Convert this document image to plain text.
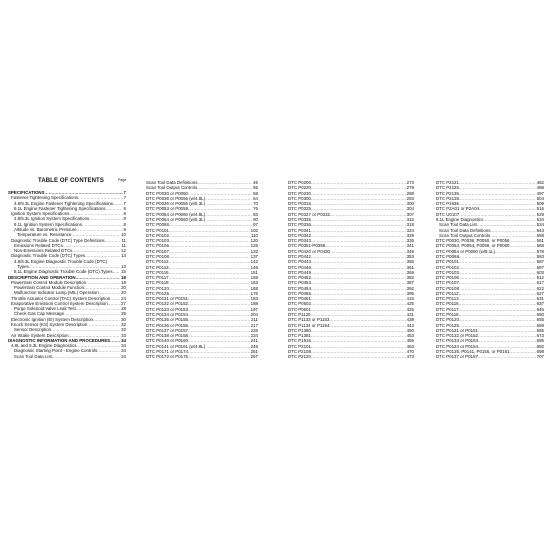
TABLE OF CONTENTS	Page
SPECIFICATIONS .....	7
Fastener Tightening Specifications .....	7
4.8/5.3L Engine Fastener Tightening Specifications ..... 7
8.1L Engine Fastener Tightening Specifications .....	8
Ignition System Specifications .....	8
4.8/5.3L Ignition System Specifications .....	8
8.1L Ignition System Specifications .....	8
Altitude vs. Barometric Pressure .....	9
Temperature vs. Resistance .....	10
Diagnostic Trouble Code (DTC) Type Definitions .....	11
Emissions Related DTCs .....	11
Non-Emissions Related DTCs .....	12
Diagnostic Trouble Code (DTC) Types .....	13
4.8/5.3L Engine Diagnostic Trouble Code (DTC)
Types .....	13
8.1L Engine Diagnostic Trouble Code (DTC) Types ..... 15
DESCRIPTION AND OPERATION .....	18
Powertrain Control Module Description .....	18
Powertrain Control Module Function .....	20
Malfunction Indicator Lamp (MIL) Operation .....	20
Throttle Actuator Control (TAC) System Description ..... 24
Evaporative Emission Control System Description .....	27
Purge Solenoid Valve Leak Test .....	28
Check Gas Cap Message .....	29
Electronic Ignition (EI) System Description .....	30
Knock Sensor (KS) System Description .....	32
Sensor Description .....	32
Air Intake System Description .....	33
DIAGNOSTIC INFORMATION AND PROCEDURES ..... 34
4.8L and 5.3L Engine Diagnostics .....	34
Diagnostic Starting Point - Engine Controls .....	34
Scan Tool Data List .....	34
Scan Tool Data Definitions .....	45
Scan Tool Output Controls .....	55
DTC P0030 or P0050 .....	58
DTC P0036 or P0056 (w/4.8L) .....	64
DTC P0036 or P0056 (w/5.3L) .....	70
DTC P0053 or P0059 .....	76
DTC P0054 or P0060 (w/4.8L) .....	83
DTC P0054 or P0060 (w/5.3L) .....	90
DTC P0068 .....	97
DTC P0101 .....	102
DTC P0102 .....	110
DTC P0103 .....	120
DTC P0106 .....	126
DTC P0107 .....	132
DTC P0108 .....	137
DTC P0112 .....	142
DTC P0113 .....	146
DTC P0116 .....	151
DTC P0117 .....	159
DTC P0118 .....	163
DTC P0120 .....	168
DTC P0125 .....	176
DTC P0131 or P0151 .....	183
DTC P0132 or P0152 .....	188
DTC P0133 or P0153 .....	197
DTC P0134 or P0154 .....	204
DTC P0135 or P0155 .....	211
DTC P0136 or P0156 .....	217
DTC P0137 or P0157 .....	226
DTC P0138 or P0158 .....	234
DTC P0140 or P0160 .....	241
DTC P0141 or P0161 (w/4.8L) .....	248
DTC P0171 or P0174 .....	261
DTC P0172 or P0175 .....	267
DTC P0200 .....	273
DTC P0220 .....	279
DTC P0230 .....	288
DTC P0300 .....	293
DTC P0315 .....	300
DTC P0325 .....	304
DTC P0327 or P0332 .....	307
DTC P0335 .....	312
DTC P0336 .....	318
DTC P0341 .....	324
DTC P0342 .....	329
DTC P0343 .....	335
DTC P0351-P0358 .....	341
DTC P0420 or P0430 .....	349
DTC P0442 .....	353
DTC P0443 .....	356
DTC P0446 .....	361
DTC P0449 .....	369
DTC P0452 .....	382
DTC P0453 .....	387
DTC P0454 .....	392
DTC P0455 .....	395
DTC P0461 .....	415
DTC P0502 .....	425
DTC P0601 .....	426
DTC P1125 .....	431
DTC P1133 or P1153 .....	438
DTC P1134 or P1154 .....	443
DTC P1380 .....	450
DTC P1381 .....	453
DTC P1516 .....	456
DTC P2101 .....	463
DTC P2108 .....	470
DTC P2120 .....	473
DTC P2121 .....	482
DTC P2125 .....	488
DTC P2135 .....	497
DTC P2138 .....	504
DTC P2636 .....	509
DTC P2A01 or P2A04 .....	516
DTC U0107 .....	529
8.1L Engine Diagnostics .....	534
Scan Tool Data List .....	534
Scan Tool Data Definitions .....	543
Scan Tool Output Controls .....	558
DTC P0030, P0036, P0050, or P0056 .....	561
DTC P0053, P0054, P0059, or P0060 .....	568
DTC P0054 or P0060 (w/8.1L) .....	578
DTC P0068 .....	583
DTC P0101 .....	587
DTC P0102 .....	597
DTC P0103 .....	603
DTC P0106 .....	612
DTC P0107 .....	617
DTC P0108 .....	622
DTC P0112 .....	627
DTC P0113 .....	631
DTC P0116 .....	637
DTC P0117 .....	645
DTC P0118 .....	650
DTC P0120 .....	655
DTC P0125 .....	659
DTC P0131 or P0151 .....	665
DTC P0132 or P0152 .....	673
DTC P0133 or P0153 .....	685
DTC P0134 or P0154 .....	692
DTC P0135, P0141, P0155, or P0161 .....	698
DTC P0137 or P0157 .....	707
